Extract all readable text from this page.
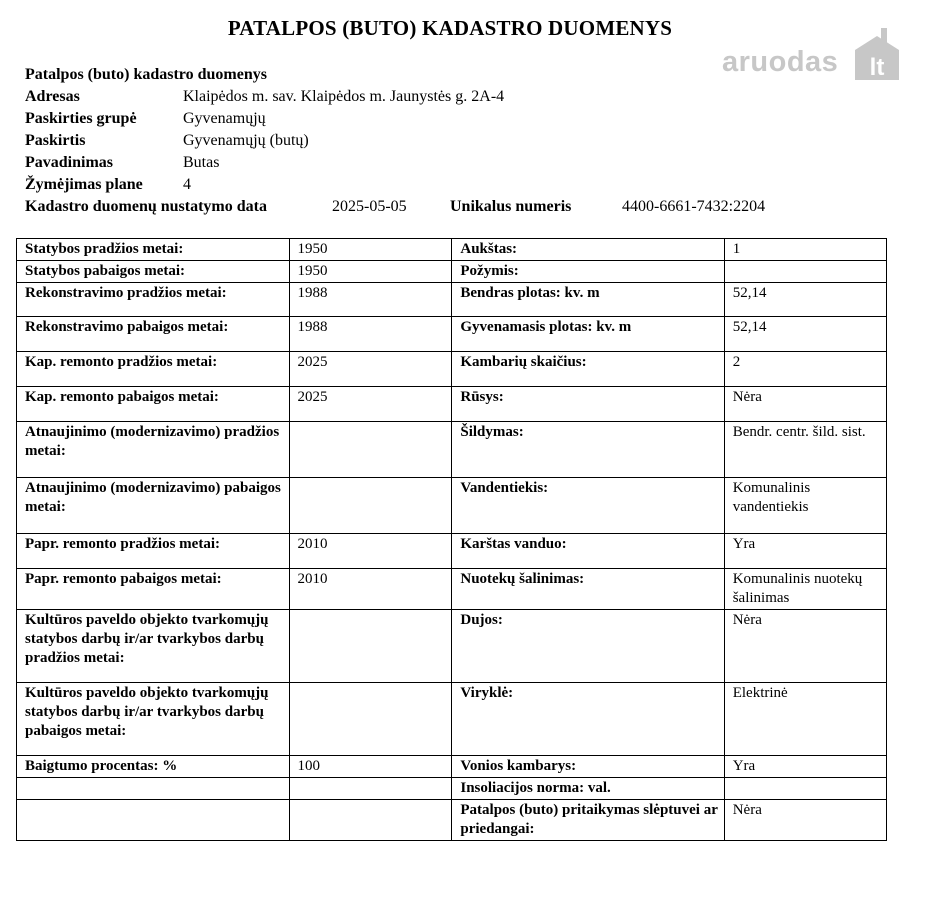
PATALPOS (BUTO) KADASTRO DUOMENYS
aruodas lt
Patalpos (buto) kadastro duomenys
Adresas	Klaipėdos m. sav. Klaipėdos m. Jaunystės g. 2A-4
Paskirties grupė	Gyvenamųjų
Paskirtis	Gyvenamųjų (butų)
Pavadinimas	Butas
Žymėjimas plane	4
Kadastro duomenų nustatymo data	2025-05-05	Unikalus numeris	4400-6661-7432:2204
Statybos pradžios metai:	1950	Aukštas:	1
Statybos pabaigos metai:	1950	Požymis:	
Rekonstravimo pradžios metai:	1988	Bendras plotas: kv. m	52,14
Rekonstravimo pabaigos metai:	1988	Gyvenamasis plotas: kv. m	52,14
Kap. remonto pradžios metai:	2025	Kambarių skaičius:	2
Kap. remonto pabaigos metai:	2025	Rūsys:	Nėra
Atnaujinimo (modernizavimo) pradžios metai:		Šildymas:	Bendr. centr. šild. sist.
Atnaujinimo (modernizavimo) pabaigos metai:		Vandentiekis:	Komunalinis vandentiekis
Papr. remonto pradžios metai:	2010	Karštas vanduo:	Yra
Papr. remonto pabaigos metai:	2010	Nuotekų šalinimas:	Komunalinis nuotekų šalinimas
Kultūros paveldo objekto tvarkomųjų statybos darbų ir/ar tvarkybos darbų pradžios metai:		Dujos:	Nėra
Kultūros paveldo objekto tvarkomųjų statybos darbų ir/ar tvarkybos darbų pabaigos metai:		Viryklė:	Elektrinė
Baigtumo procentas: %	100	Vonios kambarys:	Yra
		Insoliacijos norma: val.	
		Patalpos (buto) pritaikymas slėptuvei ar priedangai:	Nėra
